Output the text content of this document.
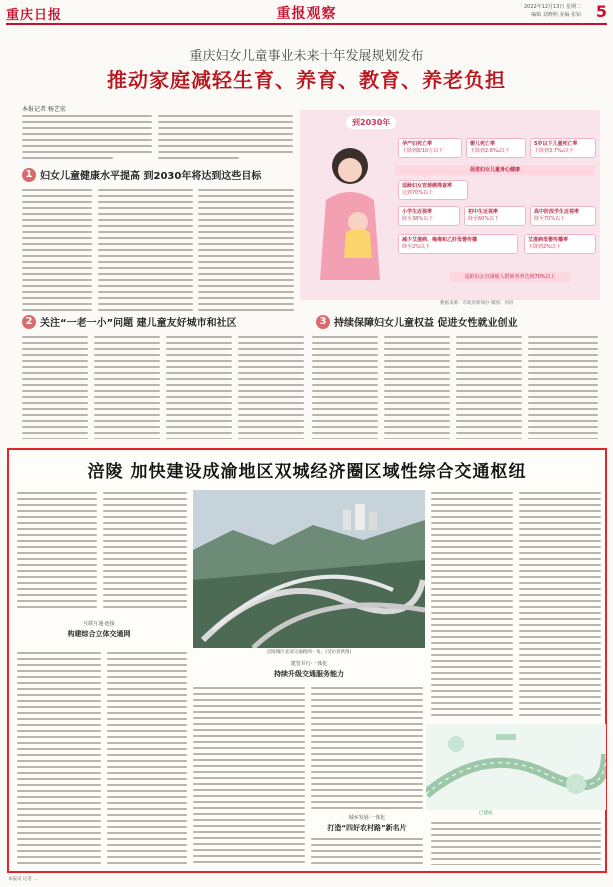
重庆日报	重报观察	2022年12月13日 星期二
编辑 刘晓明 美编 张铂 5
重庆妇女儿童事业未来十年发展规划发布
推动家庭减轻生育、养育、教育、养老负担
本报记者 杨艺宏
1 妇女儿童健康水平提高 到2030年将达到这些目标
到2030年
孕产妇死亡率
下降到8/10万以下
婴儿死亡率
下降到2.8‰以下
5岁以下儿童死亡率
下降到3.7‰以下
促进妇女儿童身心健康
适龄妇女宫颈癌筛查率
达到70%以上
小学生近视率
降至38%以下
初中生近视率
降至60%以下
高中阶段学生近视率
降至70%以下
减少艾滋病、梅毒和乙肝母婴传播
降至2%以下
艾滋病母婴传播率
下降到2%以下
适龄妇女宫颈癌人群筛查率达到70%以上
数据来源：市政府新闻办 制图：何语
2 关注“一老一小”问题 建儿童友好城市和社区	3 持续保障妇女儿童权益 促进女性就业创业
涪陵 加快建设成渝地区双城经济圈区域性综合交通枢纽
互联互通·连接
构建综合立体交通网
涪陵城区北部交通路网一角。(受访者供图)
建管并行·一体化
持续升级交通服务能力
城乡发展·一体化
打造“四好农村路”新名片
已建成
本报讯 记者 …
